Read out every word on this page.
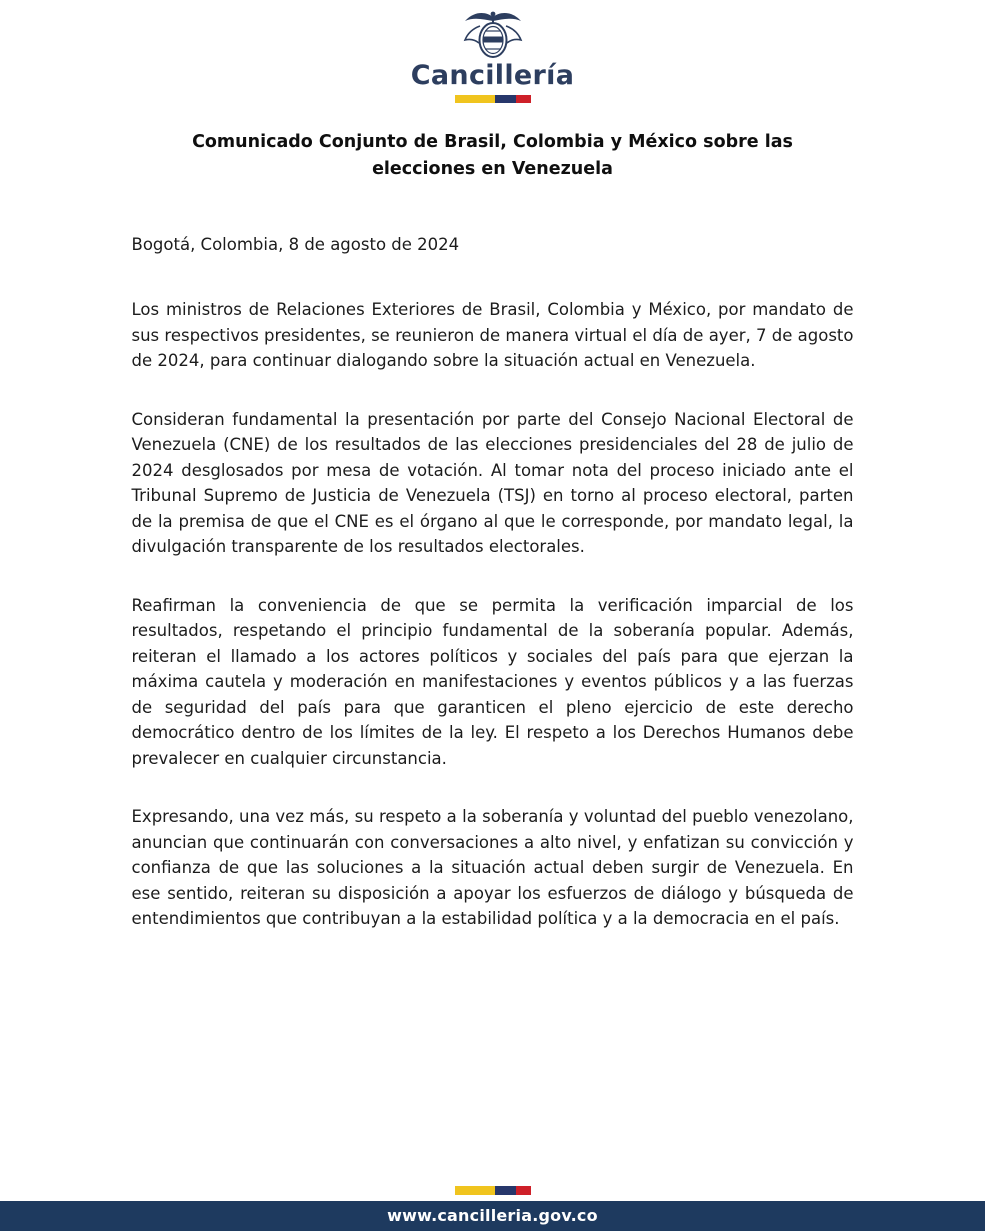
Cancillería
Comunicado Conjunto de Brasil, Colombia y México sobre las elecciones en Venezuela
Bogotá, Colombia, 8 de agosto de 2024

Los ministros de Relaciones Exteriores de Brasil, Colombia y México, por mandato de sus respectivos presidentes, se reunieron de manera virtual el día de ayer, 7 de agosto de 2024, para continuar dialogando sobre la situación actual en Venezuela.

Consideran fundamental la presentación por parte del Consejo Nacional Electoral de Venezuela (CNE) de los resultados de las elecciones presidenciales del 28 de julio de 2024 desglosados por mesa de votación. Al tomar nota del proceso iniciado ante el Tribunal Supremo de Justicia de Venezuela (TSJ) en torno al proceso electoral, parten de la premisa de que el CNE es el órgano al que le corresponde, por mandato legal, la divulgación transparente de los resultados electorales.

Reafirman la conveniencia de que se permita la verificación imparcial de los resultados, respetando el principio fundamental de la soberanía popular. Además, reiteran el llamado a los actores políticos y sociales del país para que ejerzan la máxima cautela y moderación en manifestaciones y eventos públicos y a las fuerzas de seguridad del país para que garanticen el pleno ejercicio de este derecho democrático dentro de los límites de la ley. El respeto a los Derechos Humanos debe prevalecer en cualquier circunstancia.

Expresando, una vez más, su respeto a la soberanía y voluntad del pueblo venezolano, anuncian que continuarán con conversaciones a alto nivel, y enfatizan su convicción y confianza de que las soluciones a la situación actual deben surgir de Venezuela. En ese sentido, reiteran su disposición a apoyar los esfuerzos de diálogo y búsqueda de entendimientos que contribuyan a la estabilidad política y a la democracia en el país.

www.cancilleria.gov.co
